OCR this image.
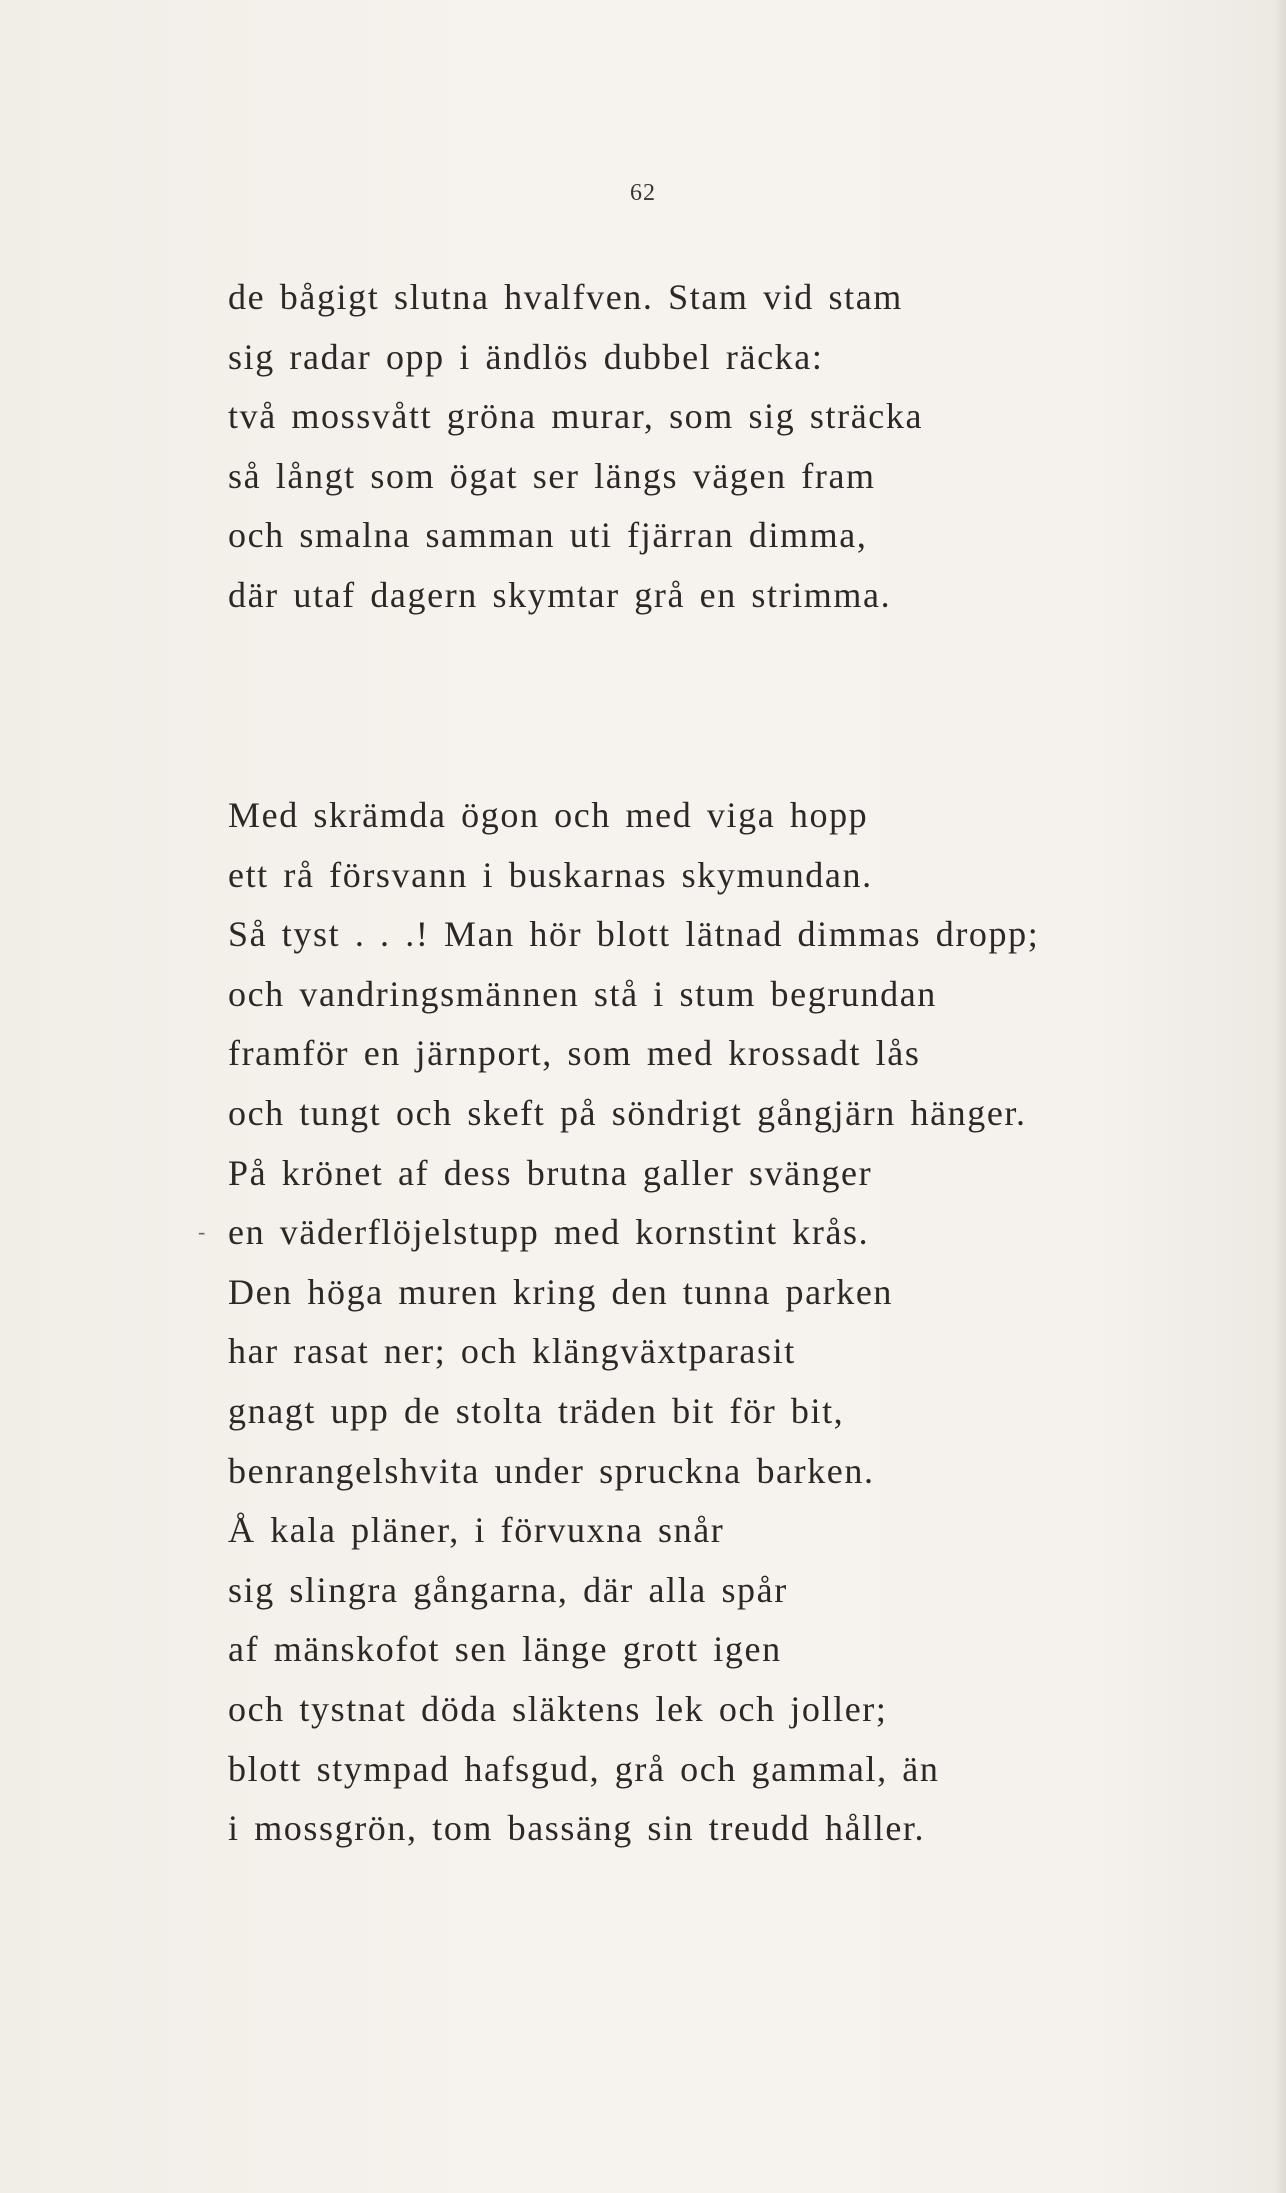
62
de bågigt slutna hvalfven. Stam vid stam
sig radar opp i ändlös dubbel räcka:
två mossvått gröna murar, som sig sträcka
så långt som ögat ser längs vägen fram
och smalna samman uti fjärran dimma,
där utaf dagern skymtar grå en strimma.
Med skrämda ögon och med viga hopp
ett rå försvann i buskarnas skymundan.
Så tyst . . .! Man hör blott lätnad dimmas dropp;
och vandringsmännen stå i stum begrundan
framför en järnport, som med krossadt lås
och tungt och skeft på söndrigt gångjärn hänger.
På krönet af dess brutna galler svänger
en väderflöjelstupp med kornstint krås.
Den höga muren kring den tunna parken
har rasat ner; och klängväxtparasit
gnagt upp de stolta träden bit för bit,
benrangelshvita under spruckna barken.
Å kala pläner, i förvuxna snår
sig slingra gångarna, där alla spår
af mänskofot sen länge grott igen
och tystnat döda släktens lek och joller;
blott stympad hafsgud, grå och gammal, än
i mossgrön, tom bassäng sin treudd håller.
-
